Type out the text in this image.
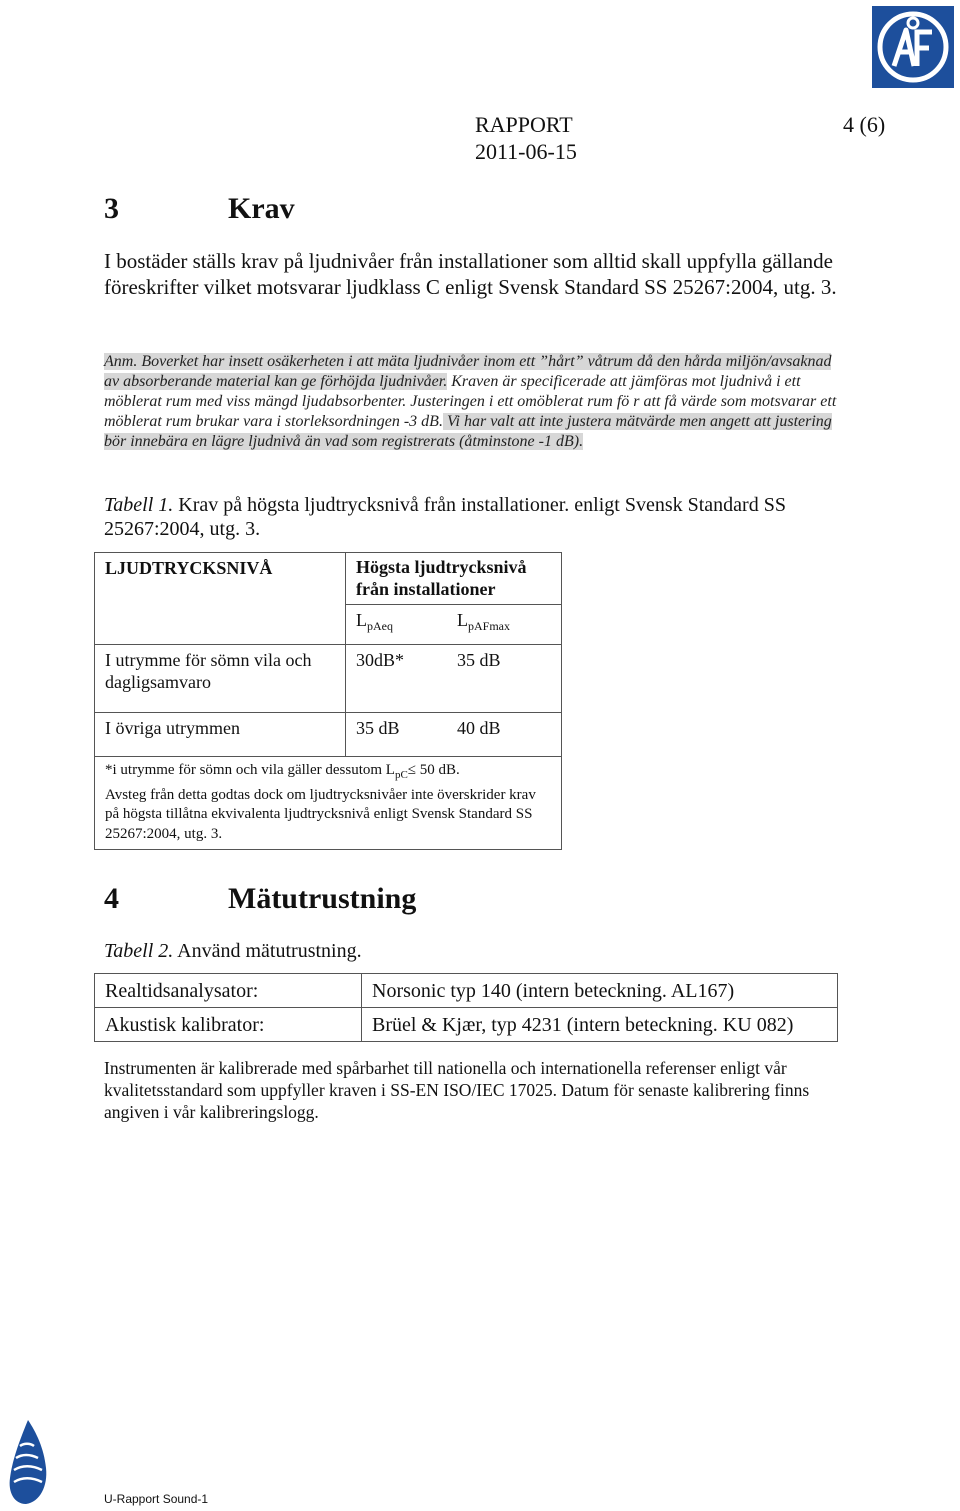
RAPPORT
2011-06-15
4 (6)
3	Krav
I bostäder ställs krav på ljudnivåer från installationer som alltid skall uppfylla gällande föreskrifter vilket motsvarar ljudklass C enligt Svensk Standard SS 25267:2004, utg. 3.
Anm. Boverket har insett osäkerheten i att mäta ljudnivåer inom ett ”hårt” våtrum då den hårda miljön/avsaknad av absorberande material kan ge förhöjda ljudnivåer. Kraven är specificerade att jämföras mot ljudnivå i ett möblerat rum med viss mängd ljudabsorbenter. Justeringen i ett omöblerat rum fö r att få värde som motsvarar ett möblerat rum brukar vara i storleksordningen -3 dB. Vi har valt att inte justera mätvärde men angett att justering bör innebära en lägre ljudnivå än vad som registrerats (åtminstone -1 dB).
Tabell 1. Krav på högsta ljudtrycksnivå från installationer. enligt Svensk Standard SS 25267:2004, utg. 3.
LJUDTRYCKSNIVÅ	Högsta ljudtrycksnivå från installationer
LpAeq LpAFmax

I utrymme för sömn vila och dagligsamvaro	30dB* 35 dB

I övriga utrymmen	35 dB 40 dB

*i utrymme för sömn och vila gäller dessutom $L_{pC}\le 50$ dB.
Avsteg från detta godtas dock om ljudtrycksnivåer inte överskrider krav på högsta tillåtna ekvivalenta ljudtrycksnivå enligt Svensk Standard SS 25267:2004, utg. 3.	
4	Mätutrustning
Tabell 2. Använd mätutrustning.
Realtidsanalysator:	Norsonic typ 140 (intern beteckning. AL167)
Akustisk kalibrator:	Brüel & Kjær, typ 4231 (intern beteckning. KU 082)
Instrumenten är kalibrerade med spårbarhet till nationella och internationella referenser enligt vår kvalitetsstandard som uppfyller kraven i SS-EN ISO/IEC 17025. Datum för senaste kalibrering finns angiven i vår kalibreringslogg.
U-Rapport Sound-1
